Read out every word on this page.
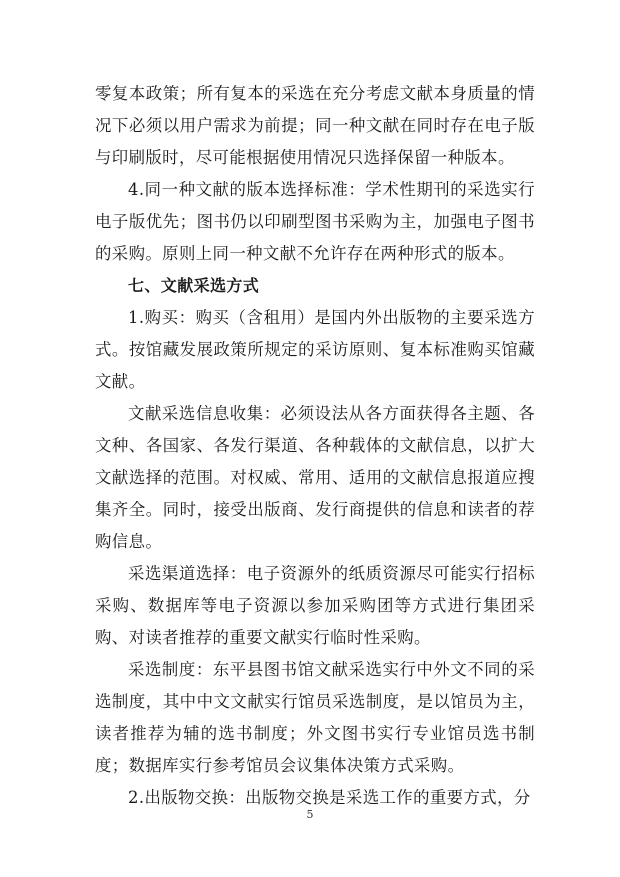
零复本政策；所有复本的采选在充分考虑文献本身质量的情况下必须以用户需求为前提；同一种文献在同时存在电子版与印刷版时，尽可能根据使用情况只选择保留一种版本。

4.同一种文献的版本选择标准：学术性期刊的采选实行电子版优先；图书仍以印刷型图书采购为主，加强电子图书的采购。原则上同一种文献不允许存在两种形式的版本。

七、文献采选方式

1.购买：购买（含租用）是国内外出版物的主要采选方式。按馆藏发展政策所规定的采访原则、复本标准购买馆藏文献。

文献采选信息收集：必须设法从各方面获得各主题、各文种、各国家、各发行渠道、各种载体的文献信息，以扩大文献选择的范围。对权威、常用、适用的文献信息报道应搜集齐全。同时，接受出版商、发行商提供的信息和读者的荐购信息。

采选渠道选择：电子资源外的纸质资源尽可能实行招标采购、数据库等电子资源以参加采购团等方式进行集团采购、对读者推荐的重要文献实行临时性采购。

采选制度：东平县图书馆文献采选实行中外文不同的采选制度，其中中文文献实行馆员采选制度，是以馆员为主，读者推荐为辅的选书制度；外文图书实行专业馆员选书制度；数据库实行参考馆员会议集体决策方式采购。

2.出版物交换：出版物交换是采选工作的重要方式，分

5
